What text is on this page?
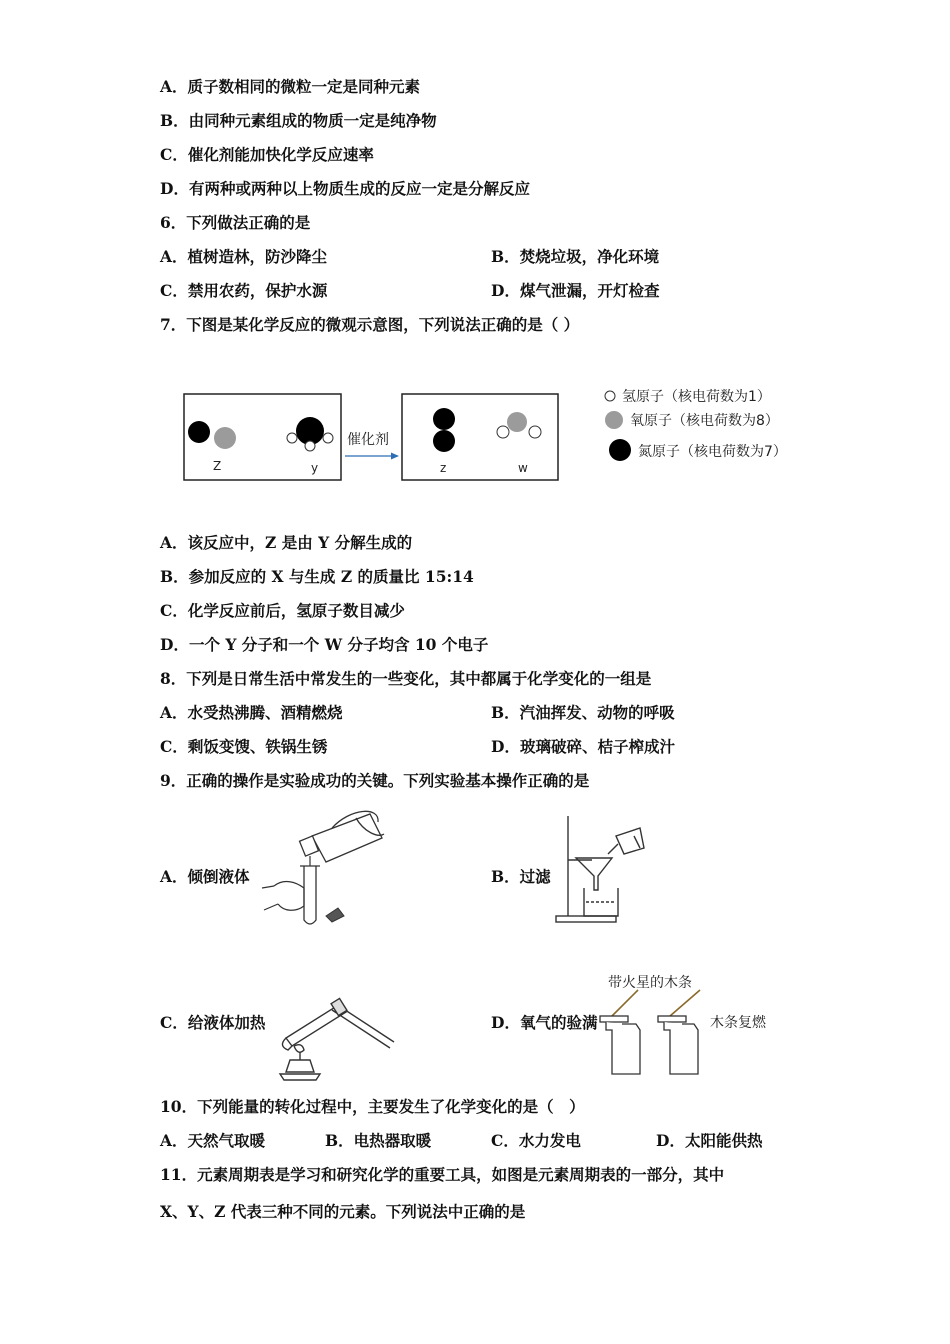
A．质子数相同的微粒一定是同种元素
B．由同种元素组成的物质一定是纯净物
C．催化剂能加快化学反应速率
D．有两种或两种以上物质生成的反应一定是分解反应
6．下列做法正确的是
A．植树造林，防沙降尘	B．焚烧垃圾，净化环境
C．禁用农药，保护水源	D．煤气泄漏，开灯检查
7．下图是某化学反应的微观示意图，下列说法正确的是（ ）
Z	y
催化剂
z	w
氢原子（核电荷数为1）
氧原子（核电荷数为8）
氮原子（核电荷数为7）
A．该反应中，Z 是由 Y 分解生成的
B．参加反应的 X 与生成 Z 的质量比 15:14
C．化学反应前后，氢原子数目减少
D．一个 Y 分子和一个 W 分子均含 10 个电子
8．下列是日常生活中常发生的一些变化，其中都属于化学变化的一组是
A．水受热沸腾、酒精燃烧	B．汽油挥发、动物的呼吸
C．剩饭变馊、铁锅生锈	D．玻璃破碎、桔子榨成汁
9．正确的操作是实验成功的关键。下列实验基本操作正确的是
A．倾倒液体	B．过滤
C．给液体加热	D．氧气的验满
带火星的木条
木条复燃
10．下列能量的转化过程中，主要发生了化学变化的是（　）
A．天然气取暖	B．电热器取暖	C．水力发电	D．太阳能供热
11．元素周期表是学习和研究化学的重要工具，如图是元素周期表的一部分，其中
X、Y、Z 代表三种不同的元素。下列说法中正确的是
